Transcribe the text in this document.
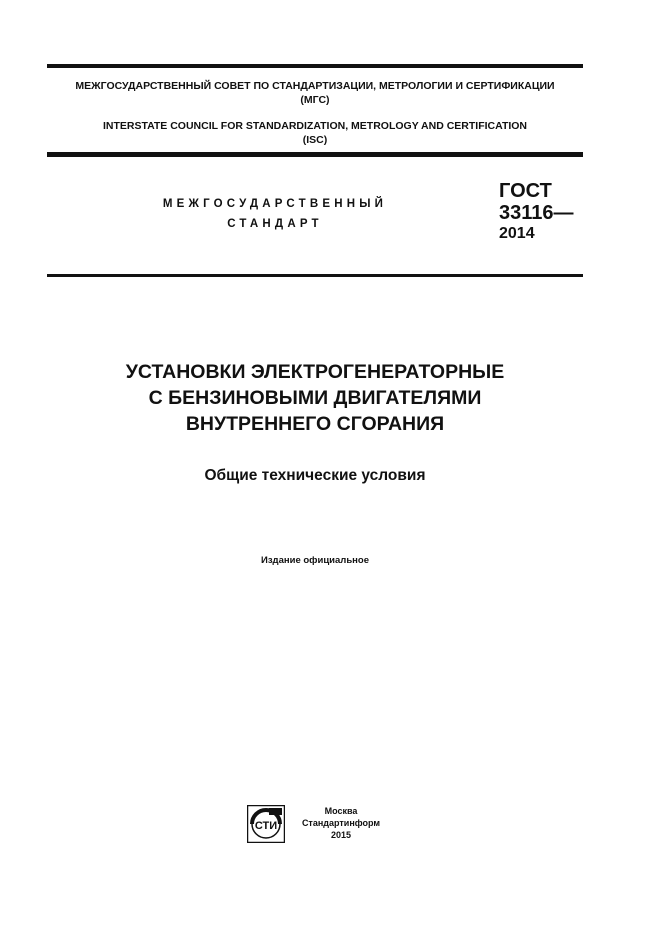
МЕЖГОСУДАРСТВЕННЫЙ СОВЕТ ПО СТАНДАРТИЗАЦИИ, МЕТРОЛОГИИ И СЕРТИФИКАЦИИ
(МГС)
INTERSTATE COUNCIL FOR STANDARDIZATION, METROLOGY AND CERTIFICATION
(ISC)
МЕЖГОСУДАРСТВЕННЫЙ
СТАНДАРТ
ГОСТ
33116—
2014
УСТАНОВКИ ЭЛЕКТРОГЕНЕРАТОРНЫЕ
С БЕНЗИНОВЫМИ ДВИГАТЕЛЯМИ
ВНУТРЕННЕГО СГОРАНИЯ
Общие технические условия
Издание официальное
СТИ
Москва
Стандартинформ
2015
